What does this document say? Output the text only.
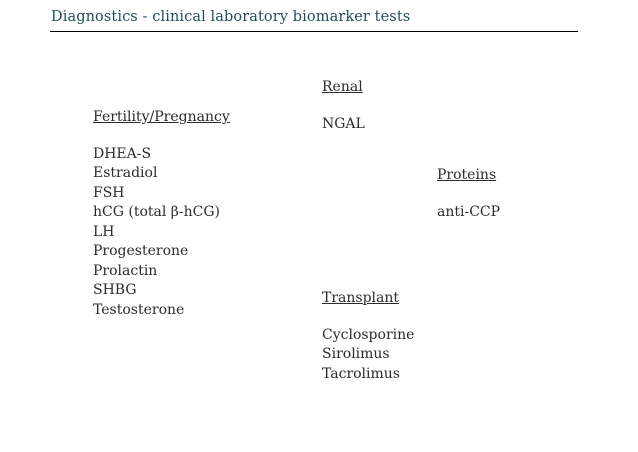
Diagnostics - clinical laboratory biomarker tests
Fertility/Pregnancy
DHEA-S
Estradiol
FSH
hCG (total β-hCG)
LH
Progesterone
Prolactin
SHBG
Testosterone
Renal
NGAL
Proteins
anti-CCP
Transplant
Cyclosporine
Sirolimus
Tacrolimus
